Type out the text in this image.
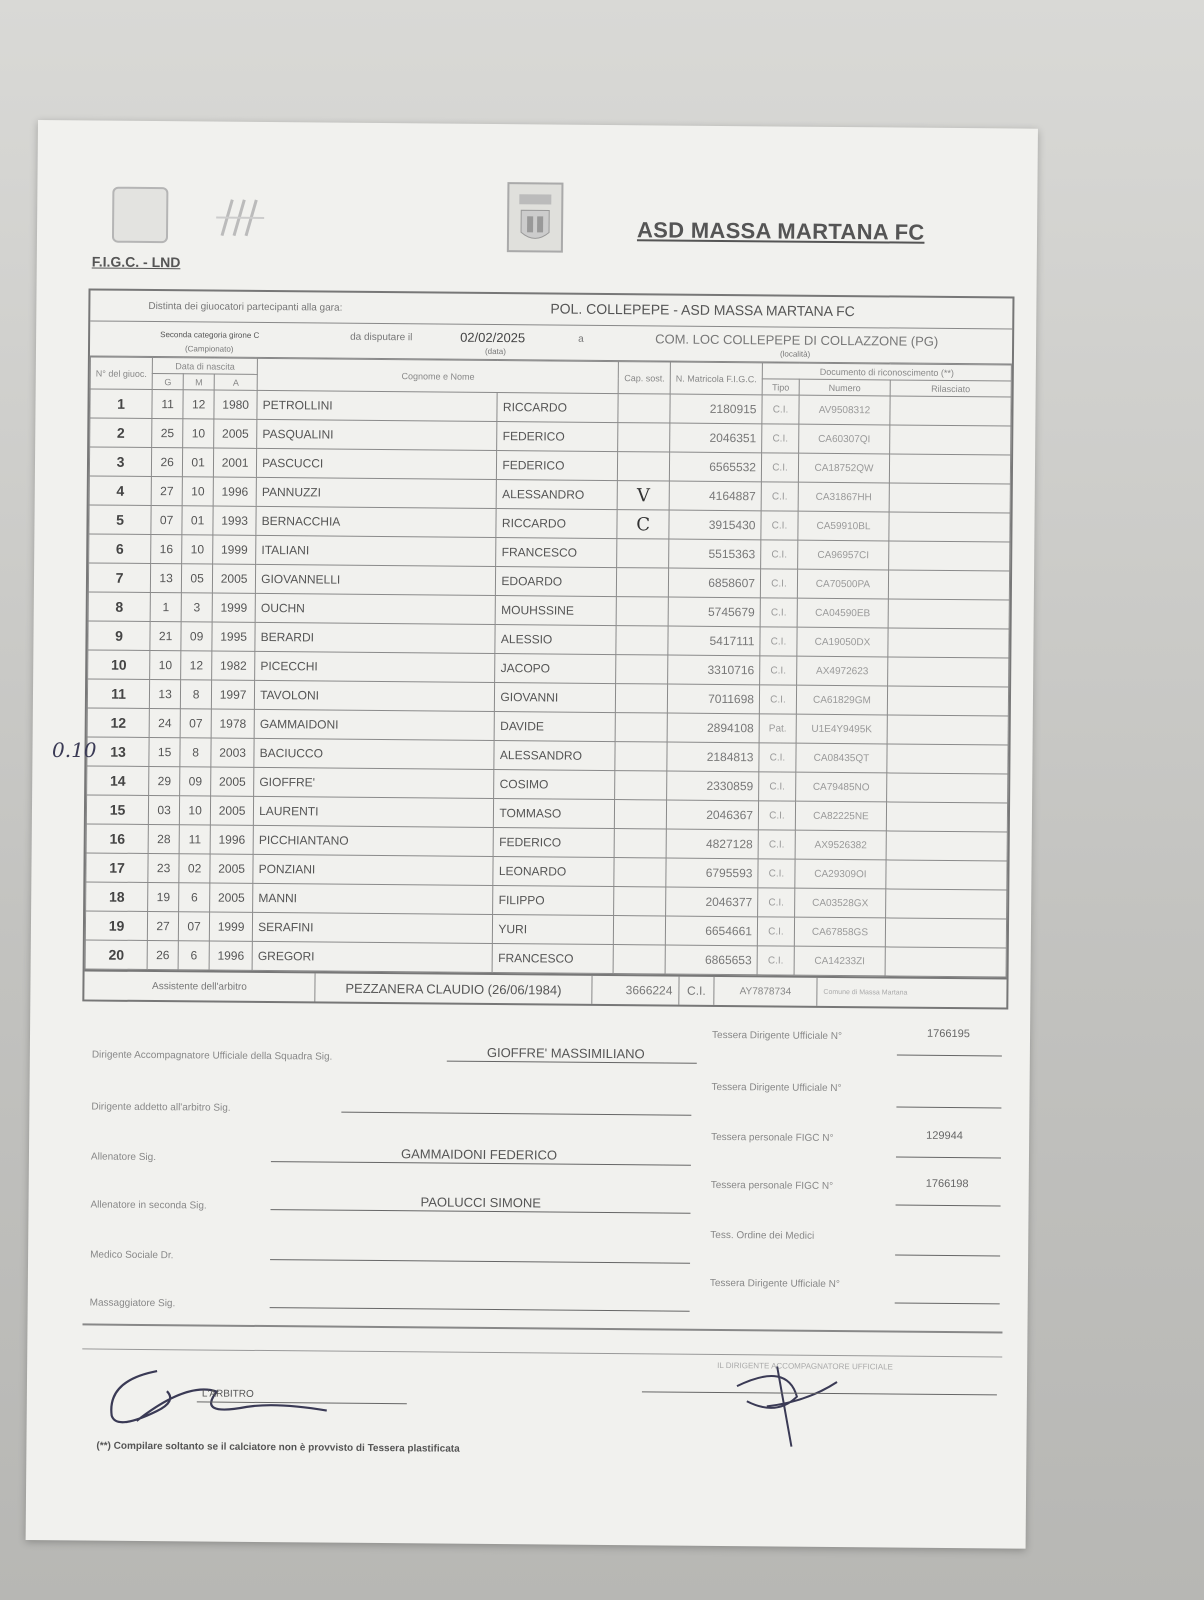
F.I.G.C. - LND
ASD MASSA MARTANA FC
Distinta dei giuocatori partecipanti alla gara:	POL. COLLEPEPE - ASD MASSA MARTANA FC
Seconda categoria girone C
(Campionato)
da disputare il	02/02/2025
(data)
a	COM. LOC COLLEPEPE DI COLLAZZONE (PG)
(località)
N° del giuoc.	Data di nascita			Cognome e Nome		Cap. sost.	N. Matricola F.I.G.C.	Documento di riconoscimento (**)		
	G	M	A					Tipo	Numero	Rilasciato
1	11	12	1980	PETROLLINI	RICCARDO		2180915	C.I.	AV9508312	
2	25	10	2005	PASQUALINI	FEDERICO		2046351	C.I.	CA60307QI	
3	26	01	2001	PASCUCCI	FEDERICO		6565532	C.I.	CA18752QW	
4	27	10	1996	PANNUZZI	ALESSANDRO	V	4164887	C.I.	CA31867HH	
5	07	01	1993	BERNACCHIA	RICCARDO	C	3915430	C.I.	CA59910BL	
6	16	10	1999	ITALIANI	FRANCESCO		5515363	C.I.	CA96957CI	
7	13	05	2005	GIOVANNELLI	EDOARDO		6858607	C.I.	CA70500PA	
8	1	3	1999	OUCHN	MOUHSSINE		5745679	C.I.	CA04590EB	
9	21	09	1995	BERARDI	ALESSIO		5417111	C.I.	CA19050DX	
10	10	12	1982	PICECCHI	JACOPO		3310716	C.I.	AX4972623	
11	13	8	1997	TAVOLONI	GIOVANNI		7011698	C.I.	CA61829GM	
12	24	07	1978	GAMMAIDONI	DAVIDE		2894108	Pat.	U1E4Y9495K	
13	15	8	2003	BACIUCCO	ALESSANDRO		2184813	C.I.	CA08435QT	
14	29	09	2005	GIOFFRE'	COSIMO		2330859	C.I.	CA79485NO	
15	03	10	2005	LAURENTI	TOMMASO		2046367	C.I.	CA82225NE	
16	28	11	1996	PICCHIANTANO	FEDERICO		4827128	C.I.	AX9526382	
17	23	02	2005	PONZIANI	LEONARDO		6795593	C.I.	CA29309OI	
18	19	6	2005	MANNI	FILIPPO		2046377	C.I.	CA03528GX	
19	27	07	1999	SERAFINI	YURI		6654661	C.I.	CA67858GS	
20	26	6	1996	GREGORI	FRANCESCO		6865653	C.I.	CA14233ZI	
Assistente dell'arbitro	PEZZANERA CLAUDIO (26/06/1984)	3666224	C.I.	AY7878734	Comune di Massa Martana
Dirigente Accompagnatore Ufficiale della Squadra Sig.	GIOFFRE' MASSIMILIANO
Tessera Dirigente Ufficiale N°	1766195
Dirigente addetto all'arbitro Sig.
Tessera Dirigente Ufficiale N°
Allenatore Sig.	GAMMAIDONI FEDERICO
Tessera personale FIGC N°	129944
Allenatore in seconda Sig.	PAOLUCCI SIMONE
Tessera personale FIGC N°	1766198
Medico Sociale Dr.
Tess. Ordine dei Medici
Massaggiatore Sig.
Tessera Dirigente Ufficiale N°
L'ARBITRO
IL DIRIGENTE ACCOMPAGNATORE UFFICIALE
(**) Compilare soltanto se il calciatore non è provvisto di Tessera plastificata
0.10
